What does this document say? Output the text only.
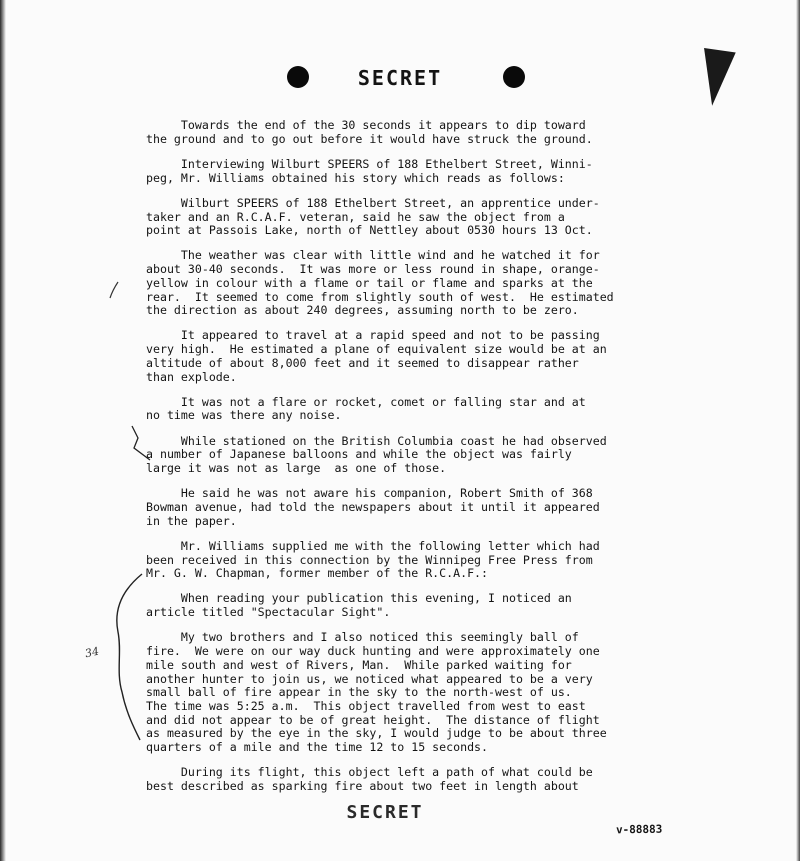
SECRET
Towards the end of the 30 seconds it appears to dip toward
the ground and to go out before it would have struck the ground.
Interviewing Wilburt SPEERS of 188 Ethelbert Street, Winni-
peg, Mr. Williams obtained his story which reads as follows:
Wilburt SPEERS of 188 Ethelbert Street, an apprentice under-
taker and an R.C.A.F. veteran, said he saw the object from a
point at Passois Lake, north of Nettley about 0530 hours 13 Oct.
The weather was clear with little wind and he watched it for
about 30-40 seconds.  It was more or less round in shape, orange-
yellow in colour with a flame or tail or flame and sparks at the
rear.  It seemed to come from slightly south of west.  He estimated
the direction as about 240 degrees, assuming north to be zero.
It appeared to travel at a rapid speed and not to be passing
very high.  He estimated a plane of equivalent size would be at an
altitude of about 8,000 feet and it seemed to disappear rather
than explode.
It was not a flare or rocket, comet or falling star and at
no time was there any noise.
While stationed on the British Columbia coast he had observed
a number of Japanese balloons and while the object was fairly
large it was not as large  as one of those.
He said he was not aware his companion, Robert Smith of 368
Bowman avenue, had told the newspapers about it until it appeared
in the paper.
Mr. Williams supplied me with the following letter which had
been received in this connection by the Winnipeg Free Press from
Mr. G. W. Chapman, former member of the R.C.A.F.:
When reading your publication this evening, I noticed an
article titled "Spectacular Sight".
My two brothers and I also noticed this seemingly ball of
fire.  We were on our way duck hunting and were approximately one
mile south and west of Rivers, Man.  While parked waiting for
another hunter to join us, we noticed what appeared to be a very
small ball of fire appear in the sky to the north-west of us.
The time was 5:25 a.m.  This object travelled from west to east
and did not appear to be of great height.  The distance of flight
as measured by the eye in the sky, I would judge to be about three
quarters of a mile and the time 12 to 15 seconds.
During its flight, this object left a path of what could be
best described as sparking fire about two feet in length about
34
SECRET
v-88883
